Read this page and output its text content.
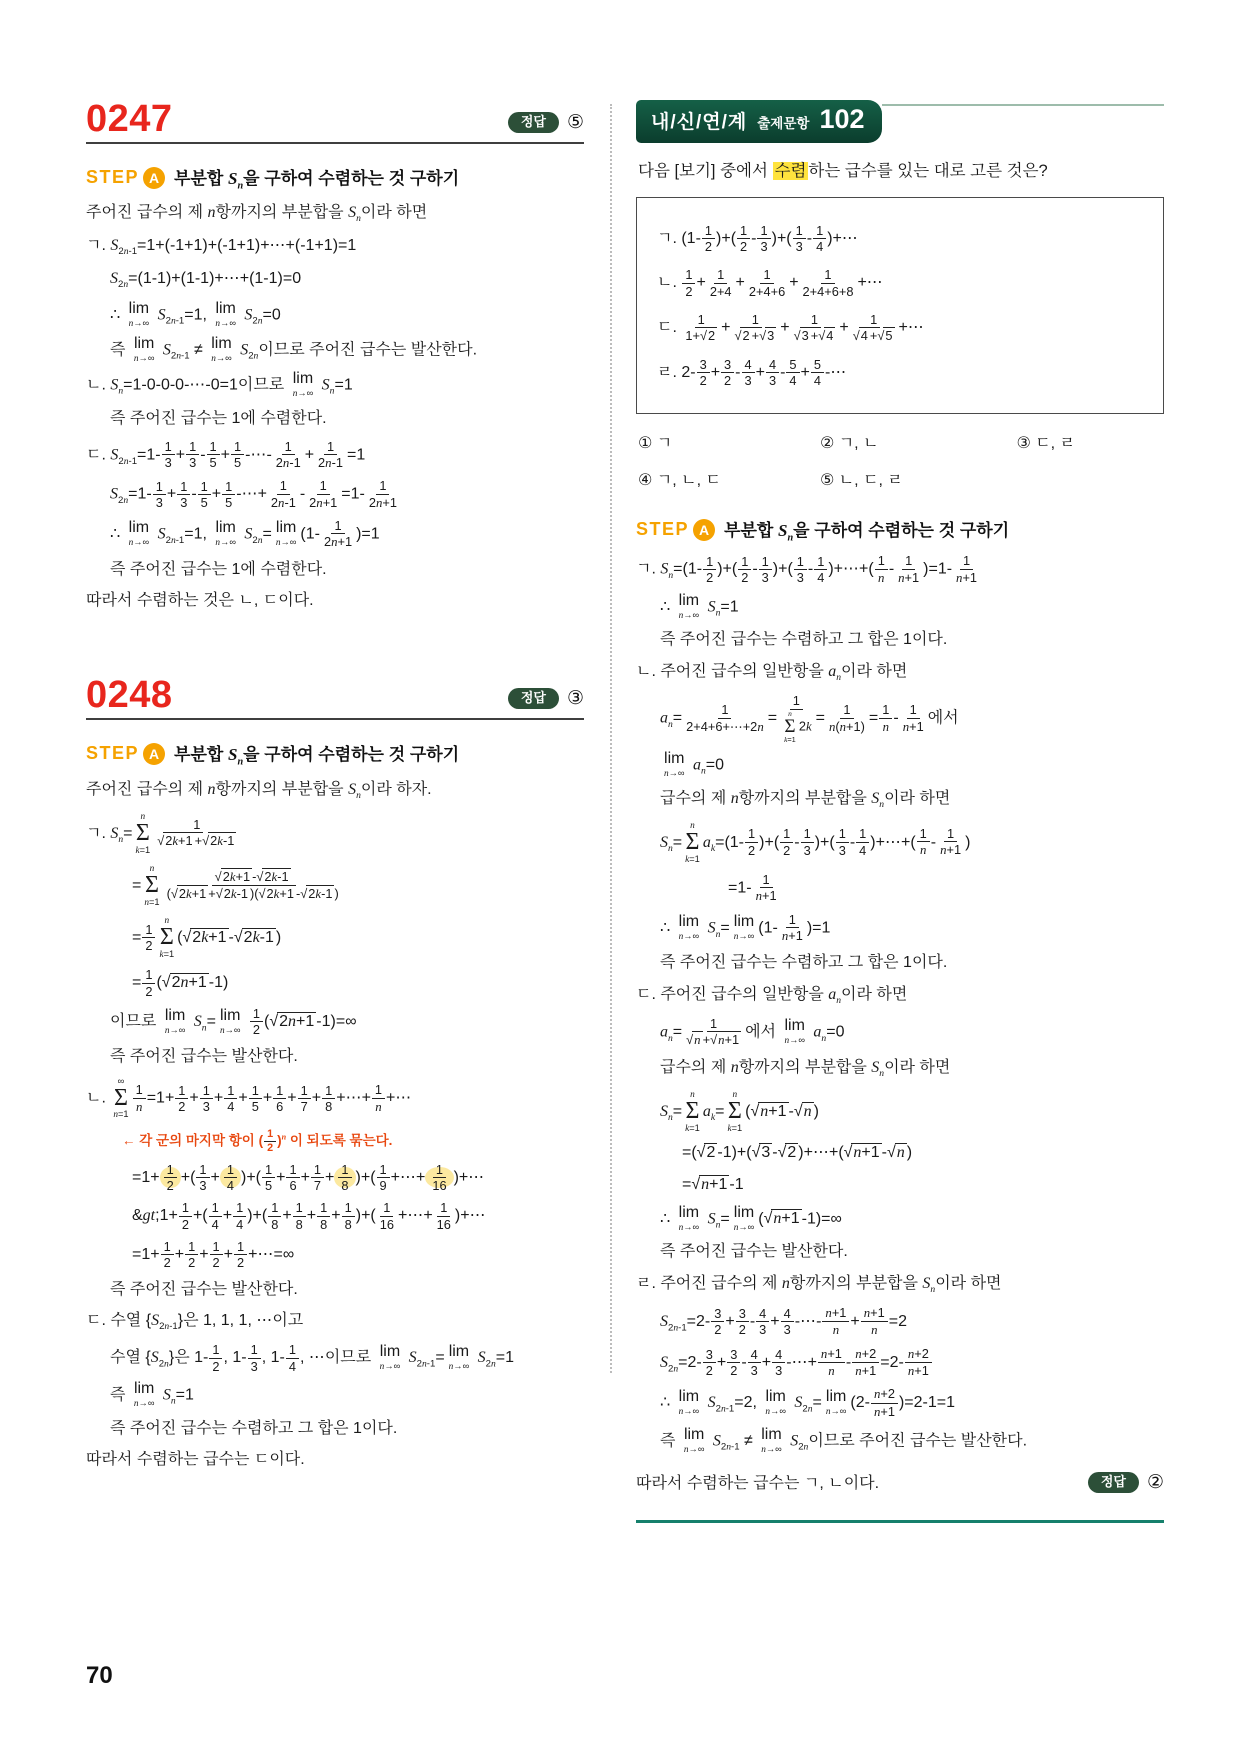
0247	정답	⑤
STEP A 부분합 $S_n$을 구하여 수렴하는 것 구하기
주어진 급수의 제 n항까지의 부분합을 $S_n$이라 하면
ㄱ. $S_{2n-1}=1+(-1+1)+(-1+1)+\cdots+(-1+1)=1$
$S_{2n}=(1-1)+(1-1)+\cdots+(1-1)=0$
∴ lim
n→∞ $S_{2n-1}=1$, lim
n→∞ $S_{2n}=0$
즉 lim
n→∞ $S_{2n-1} \ne \lim$
n→∞ $S_{2n}$이므로 주어진 급수는 발산한다.
ㄴ. $S_n=1-0-0-0-\cdots-0=1$이므로 lim
n→∞ $S_n=1$
즉 주어진 급수는 1에 수렴한다.
ㄷ. $S_{2n-1}=1- \frac{1}{3} + \frac{1}{3} - \frac{1}{5} + \frac{1}{5}$ -⋯- $\frac{1}{2n-1} + \frac{1}{2n-1} =1$
$S_{2n}=1- \frac{1}{3} + \frac{1}{3} - \frac{1}{5} + \frac{1}{5}$ -⋯+ $\frac{1}{2n-1} - \frac{1}{2n+1} =1- \frac{1}{2n+1}$
∴ lim
n→∞ $S_{2n-1}=1$, lim
n→∞ $S_{2n}= \lim$
n→∞ $(1- \frac{1}{2n+1} )=1$
즉 주어진 급수는 1에 수렴한다.
따라서 수렴하는 것은 ㄴ, ㄷ이다.
0248	정답	③
STEP A 부분합 $S_n$을 구하여 수렴하는 것 구하기
주어진 급수의 제 n항까지의 부분합을 $S_n$이라 하자.
ㄱ. $S_n=$
n
Σ
k=1
$\frac{1}{√2k+1 +√2k-1}$
=
n
Σ
$n=1 \frac{√2k+1 -√2k-1}{(√2k+1 +√2k-1 )(√2k+1 -√2k-1 )}$
= $\frac{1}{2}$
n
Σ
k=1
(√2k+1 -√2k-1 )
= $\frac{1}{2} (√2n+1$ -1)
이므로 lim
n→∞ $S_n= \lim$
n→∞
$\frac{1}{2} (√2n+1$ -1)=∞
즉 주어진 급수는 발산한다.
ㄴ.
∞
Σ
$n=1 \frac{1}{n} =1+ \frac{1}{2} + \frac{1}{3} + \frac{1}{4} + \frac{1}{5} + \frac{1}{6} + \frac{1}{7} + \frac{1}{8}$ +⋯+ $\frac{1}{n}$ +⋯
← 각 군의 마지막 항이 ( $\frac{1}{2} )^n$ 이 되도록 묶는다.
$=1+ \frac{1}{2}$ +( $\frac{1}{3} + \frac{1}{4}$ )+( $\frac{1}{5} + \frac{1}{6} + \frac{1}{7} + \frac{1}{8}$ )+( $\frac{1}{9}$ +⋯+ $\frac{1}{16}$ )+⋯
&gt;1+ $\frac{1}{2}$ +( $\frac{1}{4} + \frac{1}{4}$ )+( $\frac{1}{8} + \frac{1}{8} + \frac{1}{8} + \frac{1}{8}$ )+( $\frac{1}{16}$ +⋯+ $\frac{1}{16}$ )+⋯
$=1+ \frac{1}{2} + \frac{1}{2} + \frac{1}{2} + \frac{1}{2}$ +⋯=∞
즉 주어진 급수는 발산한다.
ㄷ. 수열 $\{S_{2n-1}\}$은 1, 1, 1, ⋯이고
수열 $\{S_{2n}\}$은 $1- \frac{1}{2}$ , $1- \frac{1}{3}$ , $1- \frac{1}{4}$ , ⋯이므로 lim
n→∞ $S_{2n-1}= \lim$
n→∞ $S_{2n}=1$
즉 lim
n→∞ $S_n=1$
즉 주어진 급수는 수렴하고 그 합은 1이다.
따라서 수렴하는 급수는 ㄷ이다.
내/신/연/계 출제문항 102
다음 [보기] 중에서 수렴 하는 급수를 있는 대로 고른 것은?
ㄱ. ($1- \frac{1}{2}$ )+( $\frac{1}{2} - \frac{1}{3}$ )+( $\frac{1}{3} - \frac{1}{4}$ )+⋯
ㄴ. $\frac{1}{2} + \frac{1}{2+4} + \frac{1}{2+4+6} + \frac{1}{2+4+6+8}$ +⋯
ㄷ. $\frac{1}{1+√2} + \frac{1}{√2 +√3} + \frac{1}{√3 +√4} + \frac{1}{√4 +√5}$ +⋯
ㄹ. $2- \frac{3}{2} + \frac{3}{2} - \frac{4}{3} + \frac{4}{3} - \frac{5}{4} + \frac{5}{4}$ -⋯
① ㄱ	② ㄱ, ㄴ	③ ㄷ, ㄹ
④ ㄱ, ㄴ, ㄷ	⑤ ㄴ, ㄷ, ㄹ
STEP A 부분합 $S_n$을 구하여 수렴하는 것 구하기
ㄱ. $S_n=(1- \frac{1}{2}$ )+( $\frac{1}{2} - \frac{1}{3}$ )+( $\frac{1}{3} - \frac{1}{4}$ )+⋯+( $\frac{1}{n} - \frac{1}{n+1} )=1- \frac{1}{n+1}$
∴ lim
n→∞ $S_n=1$
즉 주어진 급수는 수렴하고 그 합은 1이다.
ㄴ. 주어진 급수의 일반항을 $a_n$이라 하면
$a_n= \frac{1}{2+4+6+\cdots+2n}$ =
1
n
Σ
k=1
$2k = \frac{1}{n(n+1)} = \frac{1}{n} - \frac{1}{n+1}$ 에서
lim
n→∞ $a_n=0$
급수의 제 n항까지의 부분합을 $S_n$이라 하면
$S_n=$
n
Σ
k=1
$a_k=(1- \frac{1}{2}$ )+( $\frac{1}{2} - \frac{1}{3}$ )+( $\frac{1}{3} - \frac{1}{4}$ )+⋯+( $\frac{1}{n} - \frac{1}{n+1}$ )
$=1- \frac{1}{n+1}$
∴ lim
n→∞ $S_n= \lim$
n→∞ $(1- \frac{1}{n+1} )=1$
즉 주어진 급수는 수렴하고 그 합은 1이다.
ㄷ. 주어진 급수의 일반항을 $a_n$이라 하면
$a_n= \frac{1}{√n +√n+1}$ 에서 lim
n→∞ $a_n=0$
급수의 제 n항까지의 부분합을 $S_n$이라 하면
$S_n=$
n
Σ
k=1
$a_k=$
n
Σ
k=1
(√n+1 -√n )
=(√2 -1)+(√3 -√2 )+⋯+(√n+1 -√n )
=√n+1 -1
∴ lim
n→∞ $S_n= \lim$
n→∞ (√n+1 -1)=∞
즉 주어진 급수는 발산한다.
ㄹ. 주어진 급수의 제 n항까지의 부분합을 $S_n$이라 하면
$S_{2n-1}=2- \frac{3}{2} + \frac{3}{2} - \frac{4}{3} + \frac{4}{3}$ -⋯- $\frac{n+1}{n} + \frac{n+1}{n} =2$
$S_{2n}=2- \frac{3}{2} + \frac{3}{2} - \frac{4}{3} + \frac{4}{3}$ -⋯+ $\frac{n+1}{n} - \frac{n+2}{n+1} =2- \frac{n+2}{n+1}$
∴ lim
n→∞ $S_{2n-1}=2$, lim
n→∞ $S_{2n}= \lim$
n→∞ $(2- \frac{n+2}{n+1} )=2-1=1$
즉 lim
n→∞ $S_{2n-1} \ne \lim$
n→∞ $S_{2n}$이므로 주어진 급수는 발산한다.
따라서 수렴하는 급수는 ㄱ, ㄴ이다.	정답	②
70
